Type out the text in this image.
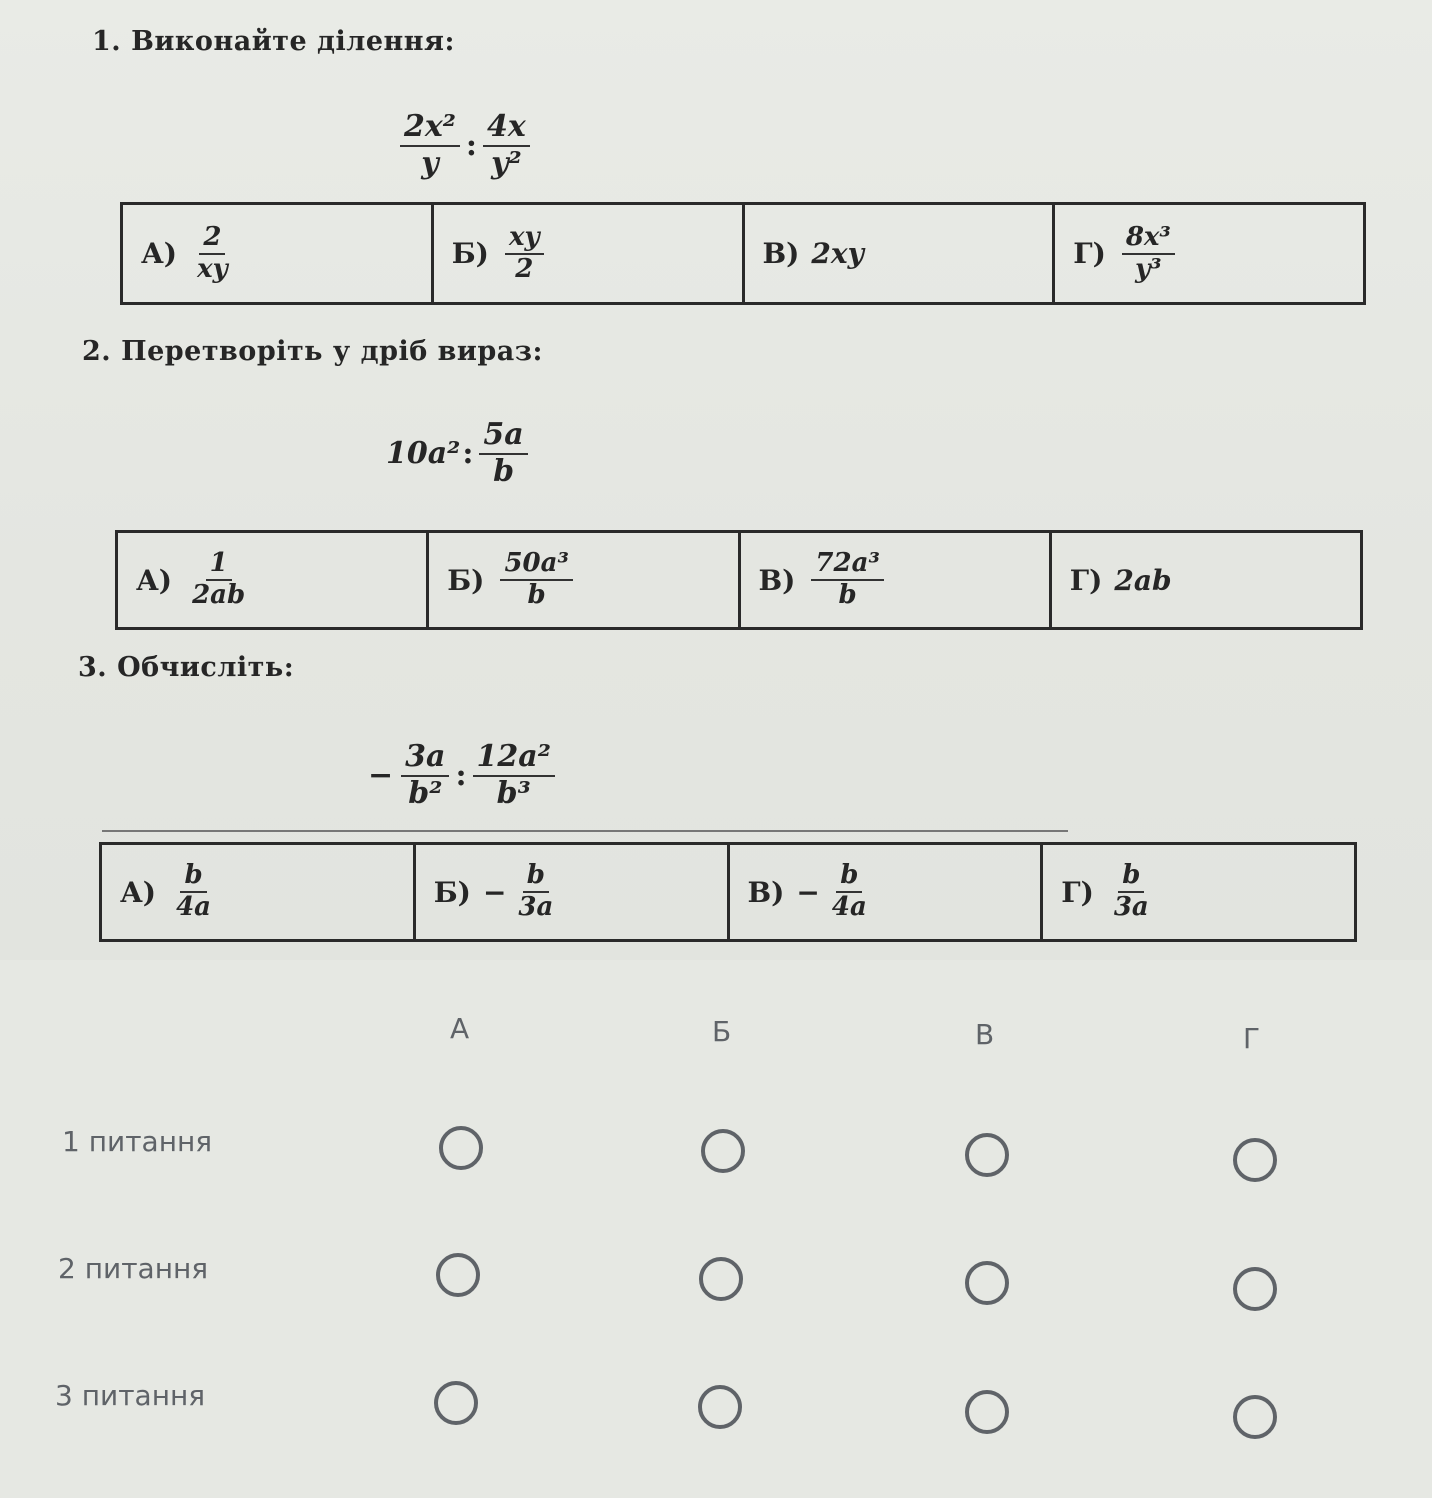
1. Виконайте ділення:
$\frac{\text{2x²}}{y}$ : $\frac{4x}{\text{y²}}$
$А) \frac{2}{xy}$	$Б) \frac{xy}{2}$	В) 2xy	$Г) \frac{\text{8x³}}{\text{y³}}$
2. Перетворіть у дріб вираз:
10a² : $\frac{5a}{b}$
$А) \frac{1}{2ab}$	$Б) \frac{\text{50a³}}{b}$	$В) \frac{\text{72a³}}{b}$	Г) 2ab
3. Обчисліть:
− $\frac{3a}{\text{b²}}$ : $\frac{\text{12a²}}{\text{b³}}$
$А) \frac{b}{4a}$	$Б) - \frac{b}{3a}$	$В) - \frac{b}{4a}$	$Г) \frac{b}{3a}$
А	Б	В	Г
1 питання
2 питання
3 питання
